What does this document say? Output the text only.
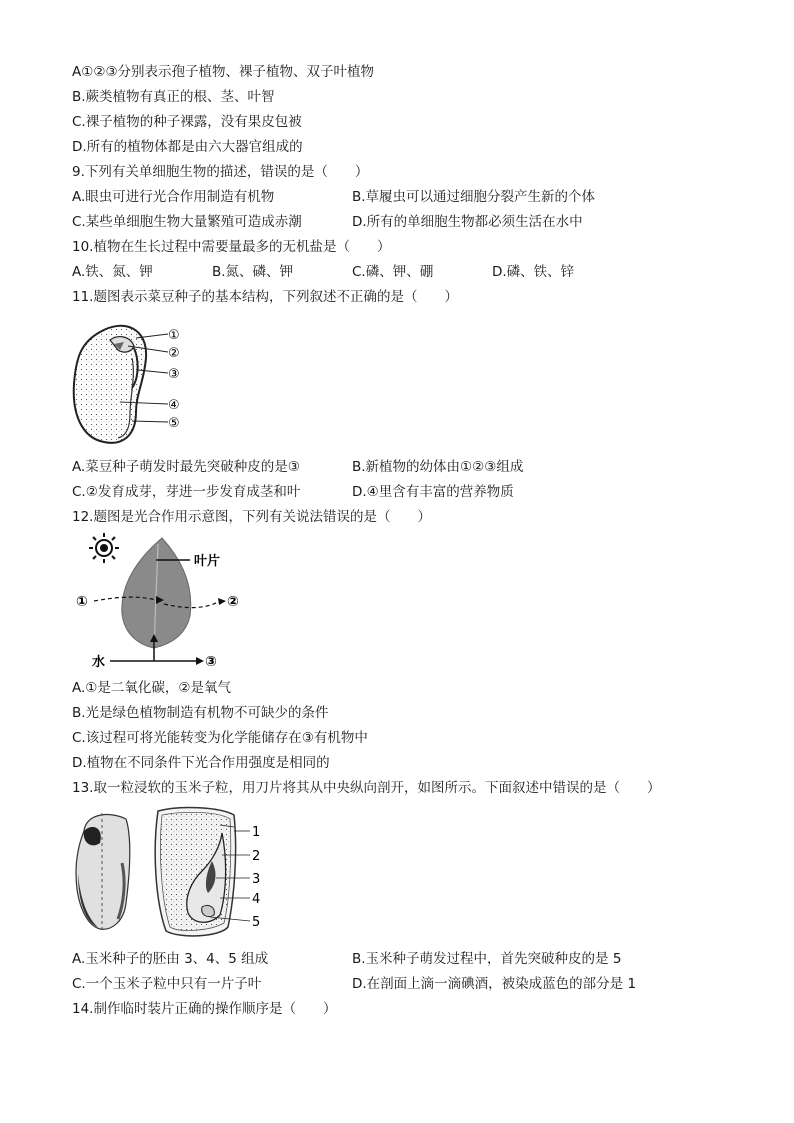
A①②③分别表示孢子植物、裸子植物、双子叶植物
B.蕨类植物有真正的根、茎、叶智
C.裸子植物的种子裸露，没有果皮包被
D.所有的植物体都是由六大器官组成的
9.下列有关单细胞生物的描述，错误的是（　　）
A.眼虫可进行光合作用制造有机物	B.草履虫可以通过细胞分裂产生新的个体
C.某些单细胞生物大量繁殖可造成赤潮	D.所有的单细胞生物都必须生活在水中
10.植物在生长过程中需要量最多的无机盐是（　　）
A.铁、氮、钾	B.氮、磷、钾	C.磷、钾、硼	D.磷、铁、锌
11.题图表示菜豆种子的基本结构，下列叙述不正确的是（　　）
①
②
③
④
⑤
A.菜豆种子萌发时最先突破种皮的是③	B.新植物的幼体由①②③组成
C.②发育成芽，芽进一步发育成茎和叶	D.④里含有丰富的营养物质
12.题图是光合作用示意图，下列有关说法错误的是（　　）
叶片
①	②
水	③
A.①是二氧化碳，②是氧气
B.光是绿色植物制造有机物不可缺少的条件
C.该过程可将光能转变为化学能储存在③有机物中
D.植物在不同条件下光合作用强度是相同的
13.取一粒浸软的玉米子粒，用刀片将其从中央纵向剖开，如图所示。下面叙述中错误的是（　　）
1
2
3
4
5
A.玉米种子的胚由 3、4、5 组成	B.玉米种子萌发过程中，首先突破种皮的是 5
C.一个玉米子粒中只有一片子叶	D.在剖面上滴一滴碘酒，被染成蓝色的部分是 1
14.制作临时装片正确的操作顺序是（　　）
